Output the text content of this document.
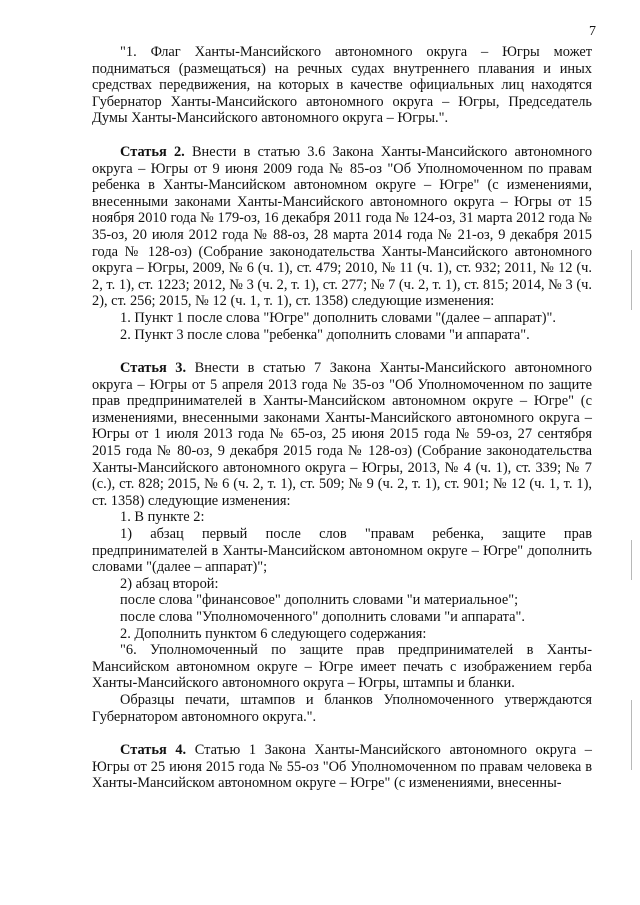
7

"1. Флаг Ханты-Мансийского автономного округа – Югры может подниматься (размещаться) на речных судах внутреннего плавания и иных средствах передвижения, на которых в качестве официальных лиц находятся Губернатор Ханты-Мансийского автономного округа – Югры, Председатель Думы Ханты-Мансийского автономного округа – Югры.".

Статья 2. Внести в статью 3.6 Закона Ханты-Мансийского автономного округа – Югры от 9 июня 2009 года № 85-оз "Об Уполномоченном по правам ребенка в Ханты-Мансийском автономном округе – Югре" (с изменениями, внесенными законами Ханты-Мансийского автономного округа – Югры от 15 ноября 2010 года № 179-оз, 16 декабря 2011 года № 124-оз, 31 марта 2012 года № 35-оз, 20 июля 2012 года № 88-оз, 28 марта 2014 года № 21-оз, 9 декабря 2015 года № 128-оз) (Собрание законодательства Ханты-Мансийского автономного округа – Югры, 2009, № 6 (ч. 1), ст. 479; 2010, № 11 (ч. 1), ст. 932; 2011, № 12 (ч. 2, т. 1), ст. 1223; 2012, № 3 (ч. 2, т. 1), ст. 277; № 7 (ч. 2, т. 1), ст. 815; 2014, № 3 (ч. 2), ст. 256; 2015, № 12 (ч. 1, т. 1), ст. 1358) следующие изменения:

1. Пункт 1 после слова "Югре" дополнить словами "(далее – аппарат)".

2. Пункт 3 после слова "ребенка" дополнить словами "и аппарата".

Статья 3. Внести в статью 7 Закона Ханты-Мансийского автономного округа – Югры от 5 апреля 2013 года № 35-оз "Об Уполномоченном по защите прав предпринимателей в Ханты-Мансийском автономном округе – Югре" (с изменениями, внесенными законами Ханты-Мансийского автономного округа – Югры от 1 июля 2013 года № 65-оз, 25 июня 2015 года № 59-оз, 27 сентября 2015 года № 80-оз, 9 декабря 2015 года № 128-оз) (Собрание законодательства Ханты-Мансийского автономного округа – Югры, 2013, № 4 (ч. 1), ст. 339; № 7 (с.), ст. 828; 2015, № 6 (ч. 2, т. 1), ст. 509; № 9 (ч. 2, т. 1), ст. 901; № 12 (ч. 1, т. 1), ст. 1358) следующие изменения:

1. В пункте 2:

1) абзац первый после слов "правам ребенка, защите прав предпринимателей в Ханты-Мансийском автономном округе – Югре" дополнить словами "(далее – аппарат)";

2) абзац второй:

после слова "финансовое" дополнить словами "и материальное";

после слова "Уполномоченного" дополнить словами "и аппарата".

2. Дополнить пунктом 6 следующего содержания:

"6. Уполномоченный по защите прав предпринимателей в Ханты-Мансийском автономном округе – Югре имеет печать с изображением герба Ханты-Мансийского автономного округа – Югры, штампы и бланки.

Образцы печати, штампов и бланков Уполномоченного утверждаются Губернатором автономного округа.".

Статья 4. Статью 1 Закона Ханты-Мансийского автономного округа – Югры от 25 июня 2015 года № 55-оз "Об Уполномоченном по правам человека в Ханты-Мансийском автономном округе – Югре" (с изменениями, внесенны-
